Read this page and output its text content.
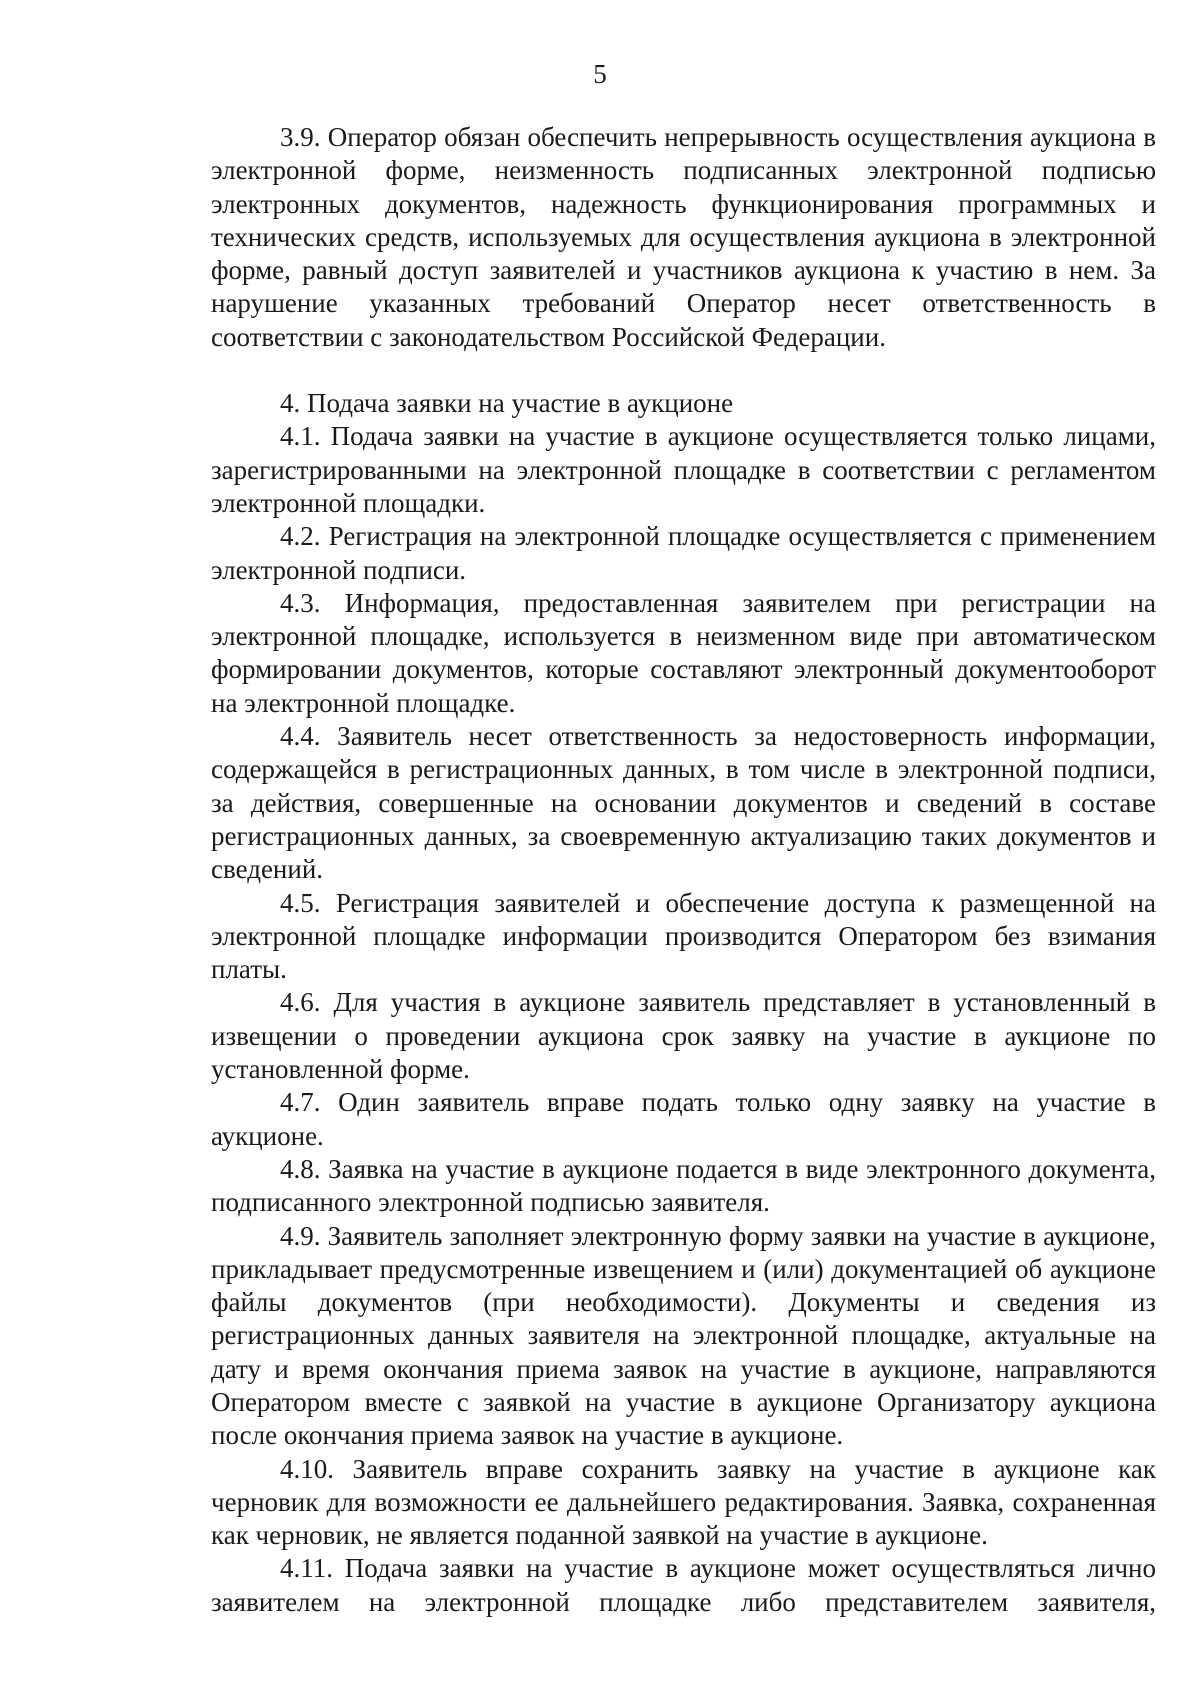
5

3.9. Оператор обязан обеспечить непрерывность осуществления аукциона в электронной форме, неизменность подписанных электронной подписью электронных документов, надежность функционирования программных и технических средств, используемых для осуществления аукциона в электронной форме, равный доступ заявителей и участников аукциона к участию в нем. За нарушение указанных требований Оператор несет ответственность в соответствии с законодательством Российской Федерации.

4. Подача заявки на участие в аукционе

4.1. Подача заявки на участие в аукционе осуществляется только лицами, зарегистрированными на электронной площадке в соответствии с регламентом электронной площадки.

4.2. Регистрация на электронной площадке осуществляется с применением электронной подписи.

4.3. Информация, предоставленная заявителем при регистрации на электронной площадке, используется в неизменном виде при автоматическом формировании документов, которые составляют электронный документооборот на электронной площадке.

4.4. Заявитель несет ответственность за недостоверность информации, содержащейся в регистрационных данных, в том числе в электронной подписи, за действия, совершенные на основании документов и сведений в составе регистрационных данных, за своевременную актуализацию таких документов и сведений.

4.5. Регистрация заявителей и обеспечение доступа к размещенной на электронной площадке информации производится Оператором без взимания платы.

4.6. Для участия в аукционе заявитель представляет в установленный в извещении о проведении аукциона срок заявку на участие в аукционе по установленной форме.

4.7. Один заявитель вправе подать только одну заявку на участие в аукционе.

4.8. Заявка на участие в аукционе подается в виде электронного документа, подписанного электронной подписью заявителя.

4.9. Заявитель заполняет электронную форму заявки на участие в аукционе, прикладывает предусмотренные извещением и (или) документацией об аукционе файлы документов (при необходимости). Документы и сведения из регистрационных данных заявителя на электронной площадке, актуальные на дату и время окончания приема заявок на участие в аукционе, направляются Оператором вместе с заявкой на участие в аукционе Организатору аукциона после окончания приема заявок на участие в аукционе.

4.10. Заявитель вправе сохранить заявку на участие в аукционе как черновик для возможности ее дальнейшего редактирования. Заявка, сохраненная как черновик, не является поданной заявкой на участие в аукционе.

4.11. Подача заявки на участие в аукционе может осуществляться лично заявителем на электронной площадке либо представителем заявителя,
